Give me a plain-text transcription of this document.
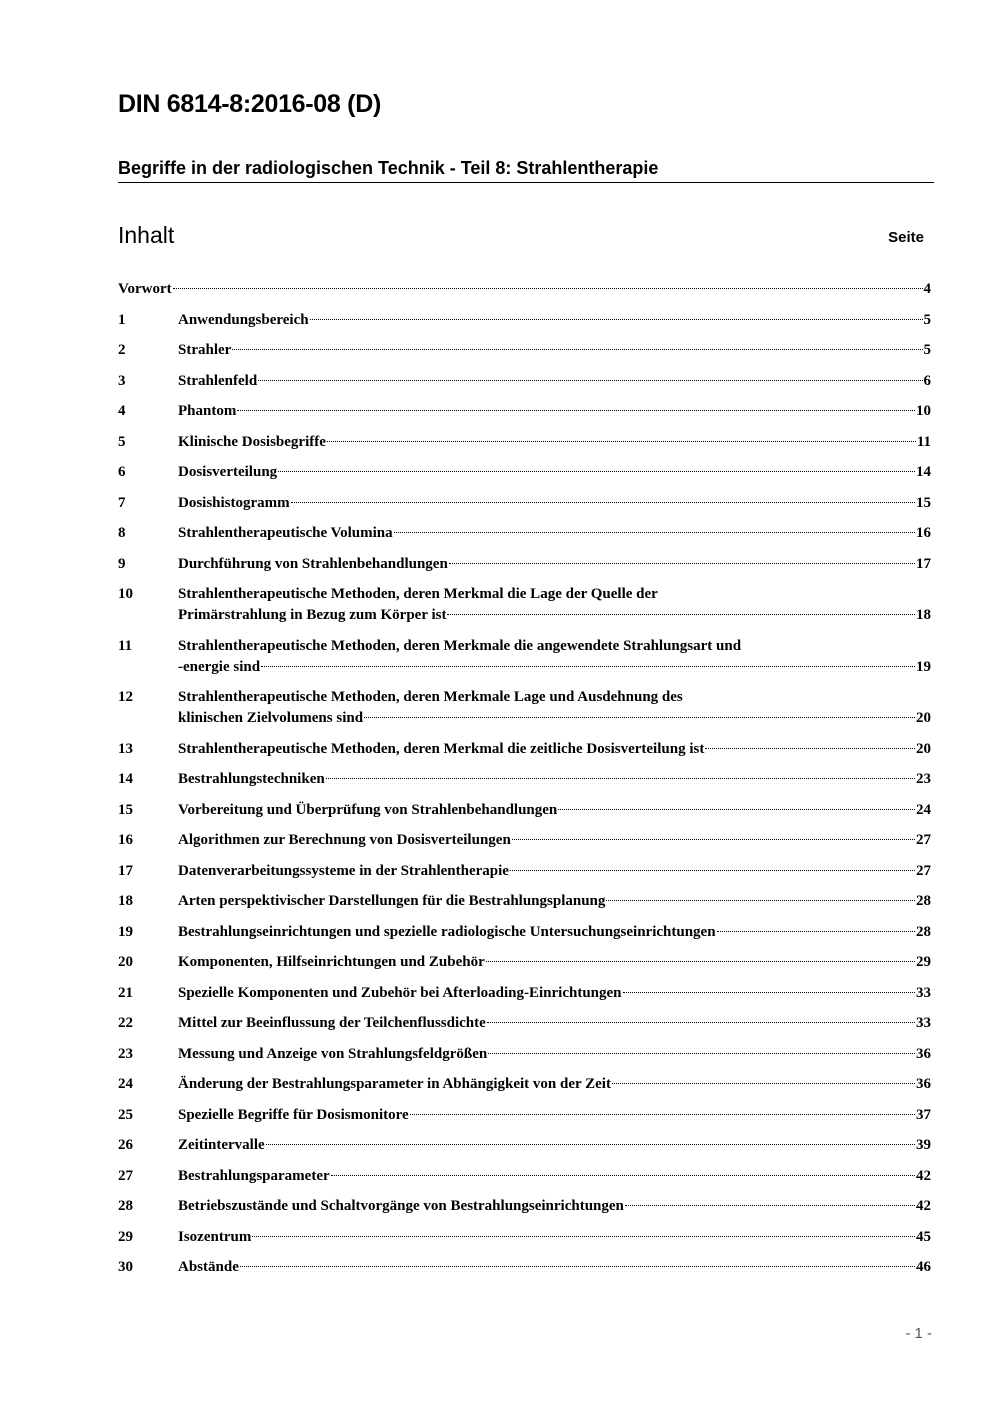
DIN 6814-8:2016-08 (D)
Begriffe in der radiologischen Technik - Teil 8: Strahlentherapie
Inhalt	Seite
Vorwort	4
1	Anwendungsbereich	5
2	Strahler	5
3	Strahlenfeld	6
4	Phantom	10
5	Klinische Dosisbegriffe	11
6	Dosisverteilung	14
7	Dosishistogramm	15
8	Strahlentherapeutische Volumina	16
9	Durchführung von Strahlenbehandlungen	17
10	Strahlentherapeutische Methoden, deren Merkmal die Lage der Quelle der
Primärstrahlung in Bezug zum Körper ist	18
11	Strahlentherapeutische Methoden, deren Merkmale die angewendete Strahlungsart und
-energie sind	19
12	Strahlentherapeutische Methoden, deren Merkmale Lage und Ausdehnung des
klinischen Zielvolumens sind	20
13	Strahlentherapeutische Methoden, deren Merkmal die zeitliche Dosisverteilung ist	20
14	Bestrahlungstechniken	23
15	Vorbereitung und Überprüfung von Strahlenbehandlungen	24
16	Algorithmen zur Berechnung von Dosisverteilungen	27
17	Datenverarbeitungssysteme in der Strahlentherapie	27
18	Arten perspektivischer Darstellungen für die Bestrahlungsplanung	28
19	Bestrahlungseinrichtungen und spezielle radiologische Untersuchungseinrichtungen	28
20	Komponenten, Hilfseinrichtungen und Zubehör	29
21	Spezielle Komponenten und Zubehör bei Afterloading-Einrichtungen	33
22	Mittel zur Beeinflussung der Teilchenflussdichte	33
23	Messung und Anzeige von Strahlungsfeldgrößen	36
24	Änderung der Bestrahlungsparameter in Abhängigkeit von der Zeit	36
25	Spezielle Begriffe für Dosismonitore	37
26	Zeitintervalle	39
27	Bestrahlungsparameter	42
28	Betriebszustände und Schaltvorgänge von Bestrahlungseinrichtungen	42
29	Isozentrum	45
30	Abstände	46
- 1 -
